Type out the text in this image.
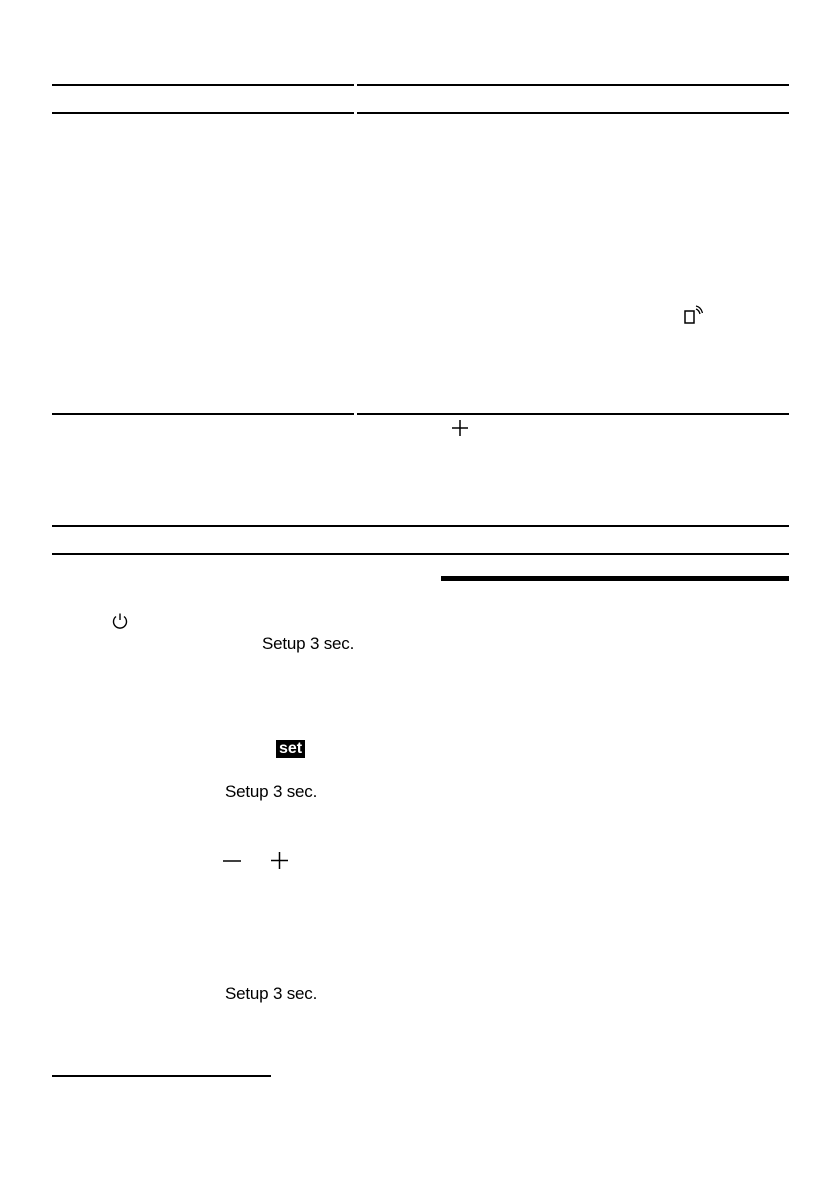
Setup 3 sec.
set
Setup 3 sec.
Setup 3 sec.
